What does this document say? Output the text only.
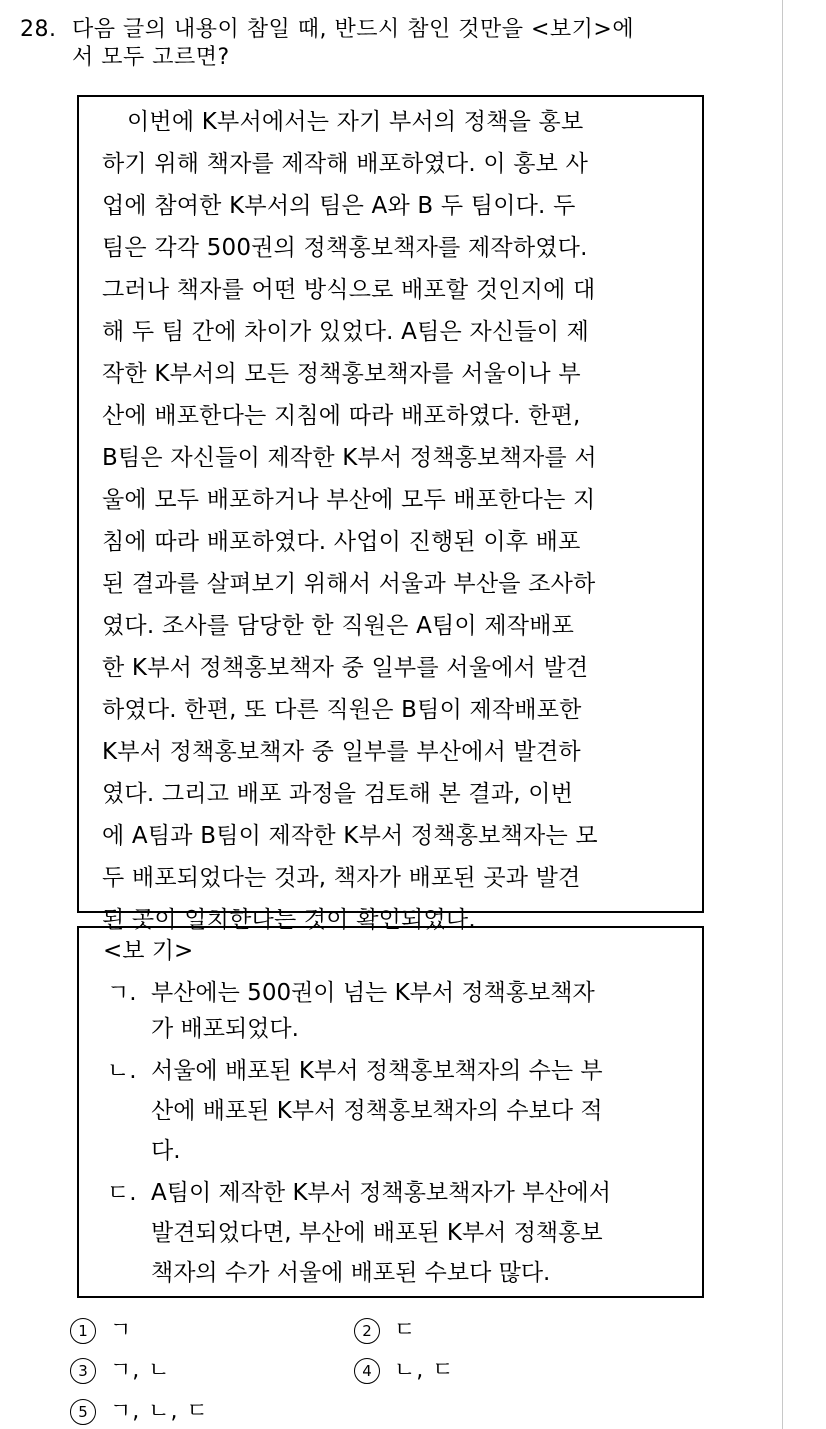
28. 다음 글의 내용이 참일 때, 반드시 참인 것만을 <보기>에
서 모두 고르면?
이번에 K부서에서는 자기 부서의 정책을 홍보
하기 위해 책자를 제작해 배포하였다. 이 홍보 사
업에 참여한 K부서의 팀은 A와 B 두 팀이다. 두
팀은 각각 500권의 정책홍보책자를 제작하였다.
그러나 책자를 어떤 방식으로 배포할 것인지에 대
해 두 팀 간에 차이가 있었다. A팀은 자신들이 제
작한 K부서의 모든 정책홍보책자를 서울이나 부
산에 배포한다는 지침에 따라 배포하였다. 한편,
B팀은 자신들이 제작한 K부서 정책홍보책자를 서
울에 모두 배포하거나 부산에 모두 배포한다는 지
침에 따라 배포하였다. 사업이 진행된 이후 배포
된 결과를 살펴보기 위해서 서울과 부산을 조사하
였다. 조사를 담당한 한 직원은 A팀이 제작배포
한 K부서 정책홍보책자 중 일부를 서울에서 발견
하였다. 한편, 또 다른 직원은 B팀이 제작배포한
K부서 정책홍보책자 중 일부를 부산에서 발견하
였다. 그리고 배포 과정을 검토해 본 결과, 이번
에 A팀과 B팀이 제작한 K부서 정책홍보책자는 모
두 배포되었다는 것과, 책자가 배포된 곳과 발견
된 곳이 일치한다는 것이 확인되었다.
<보 기>
ㄱ. 부산에는 500권이 넘는 K부서 정책홍보책자
가 배포되었다.
ㄴ. 서울에 배포된 K부서 정책홍보책자의 수는 부
산에 배포된 K부서 정책홍보책자의 수보다 적
다.
ㄷ. A팀이 제작한 K부서 정책홍보책자가 부산에서
발견되었다면, 부산에 배포된 K부서 정책홍보
책자의 수가 서울에 배포된 수보다 많다.
1 ㄱ	2 ㄷ
3 ㄱ, ㄴ	4 ㄴ, ㄷ
5 ㄱ, ㄴ, ㄷ
